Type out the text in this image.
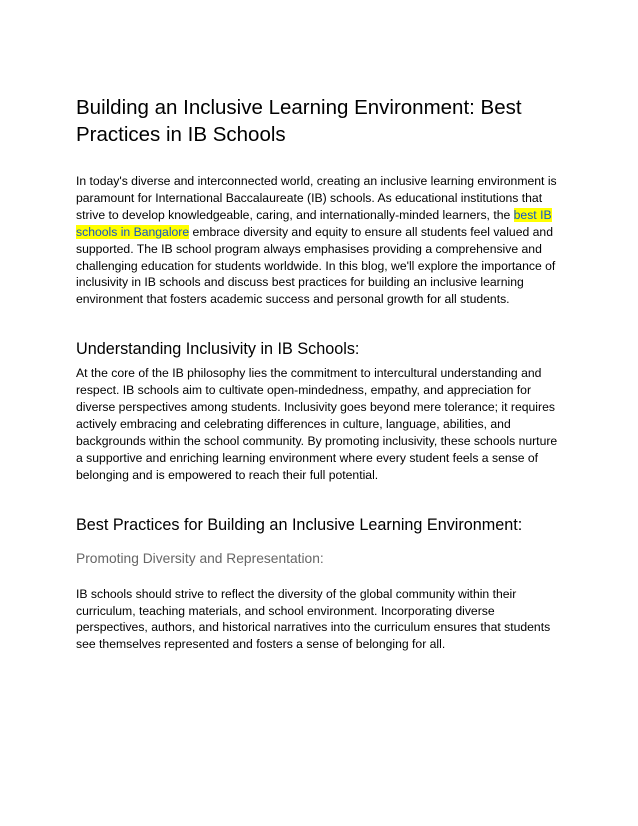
Building an Inclusive Learning Environment: Best Practices in IB Schools

In today's diverse and interconnected world, creating an inclusive learning environment is paramount for International Baccalaureate (IB) schools. As educational institutions that strive to develop knowledgeable, caring, and internationally-minded learners, the best IB schools in Bangalore embrace diversity and equity to ensure all students feel valued and supported. The IB school program always emphasises providing a comprehensive and challenging education for students worldwide. In this blog, we'll explore the importance of inclusivity in IB schools and discuss best practices for building an inclusive learning environment that fosters academic success and personal growth for all students.

Understanding Inclusivity in IB Schools:

At the core of the IB philosophy lies the commitment to intercultural understanding and respect. IB schools aim to cultivate open-mindedness, empathy, and appreciation for diverse perspectives among students. Inclusivity goes beyond mere tolerance; it requires actively embracing and celebrating differences in culture, language, abilities, and backgrounds within the school community. By promoting inclusivity, these schools nurture a supportive and enriching learning environment where every student feels a sense of belonging and is empowered to reach their full potential.

Best Practices for Building an Inclusive Learning Environment:
Promoting Diversity and Representation:

IB schools should strive to reflect the diversity of the global community within their curriculum, teaching materials, and school environment. Incorporating diverse perspectives, authors, and historical narratives into the curriculum ensures that students see themselves represented and fosters a sense of belonging for all.
